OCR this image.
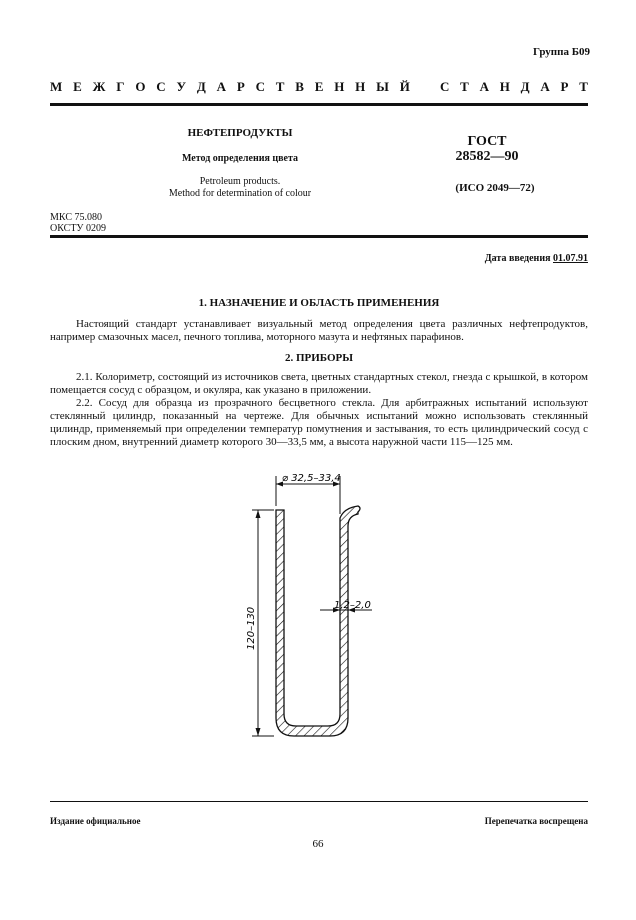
Группа Б09
М Е Ж Г О С У Д А Р С Т В Е Н Н Ы Й С Т А Н Д А Р Т
НЕФТЕПРОДУКТЫ
Метод определения цвета
Petroleum products.
Method for determination of colour
ГОСТ
28582—90
(ИСО 2049—72)
МКС 75.080
ОКСТУ 0209
Дата введения 01.07.91
1. НАЗНАЧЕНИЕ И ОБЛАСТЬ ПРИМЕНЕНИЯ

Настоящий стандарт устанавливает визуальный метод определения цвета различных нефтепродуктов, например смазочных масел, печного топлива, моторного мазута и нефтяных парафинов.

2. ПРИБОРЫ

2.1. Колориметр, состоящий из источников света, цветных стандартных стекол, гнезда с крышкой, в котором помещается сосуд с образцом, и окуляра, как указано в приложении.

2.2. Сосуд для образца из прозрачного бесцветного стекла. Для арбитражных испытаний используют стеклянный цилиндр, показанный на чертеже. Для обычных испытаний можно использовать стеклянный цилиндр, применяемый при определении температур помутнения и застывания, то есть цилиндрический сосуд с плоским дном, внутренний диаметр которого 30—33,5 мм, а высота наружной части 115—125 мм.

⌀ 32,5–33,4
120–130
1,2–2,0
Издание официальное	Перепечатка воспрещена
66
